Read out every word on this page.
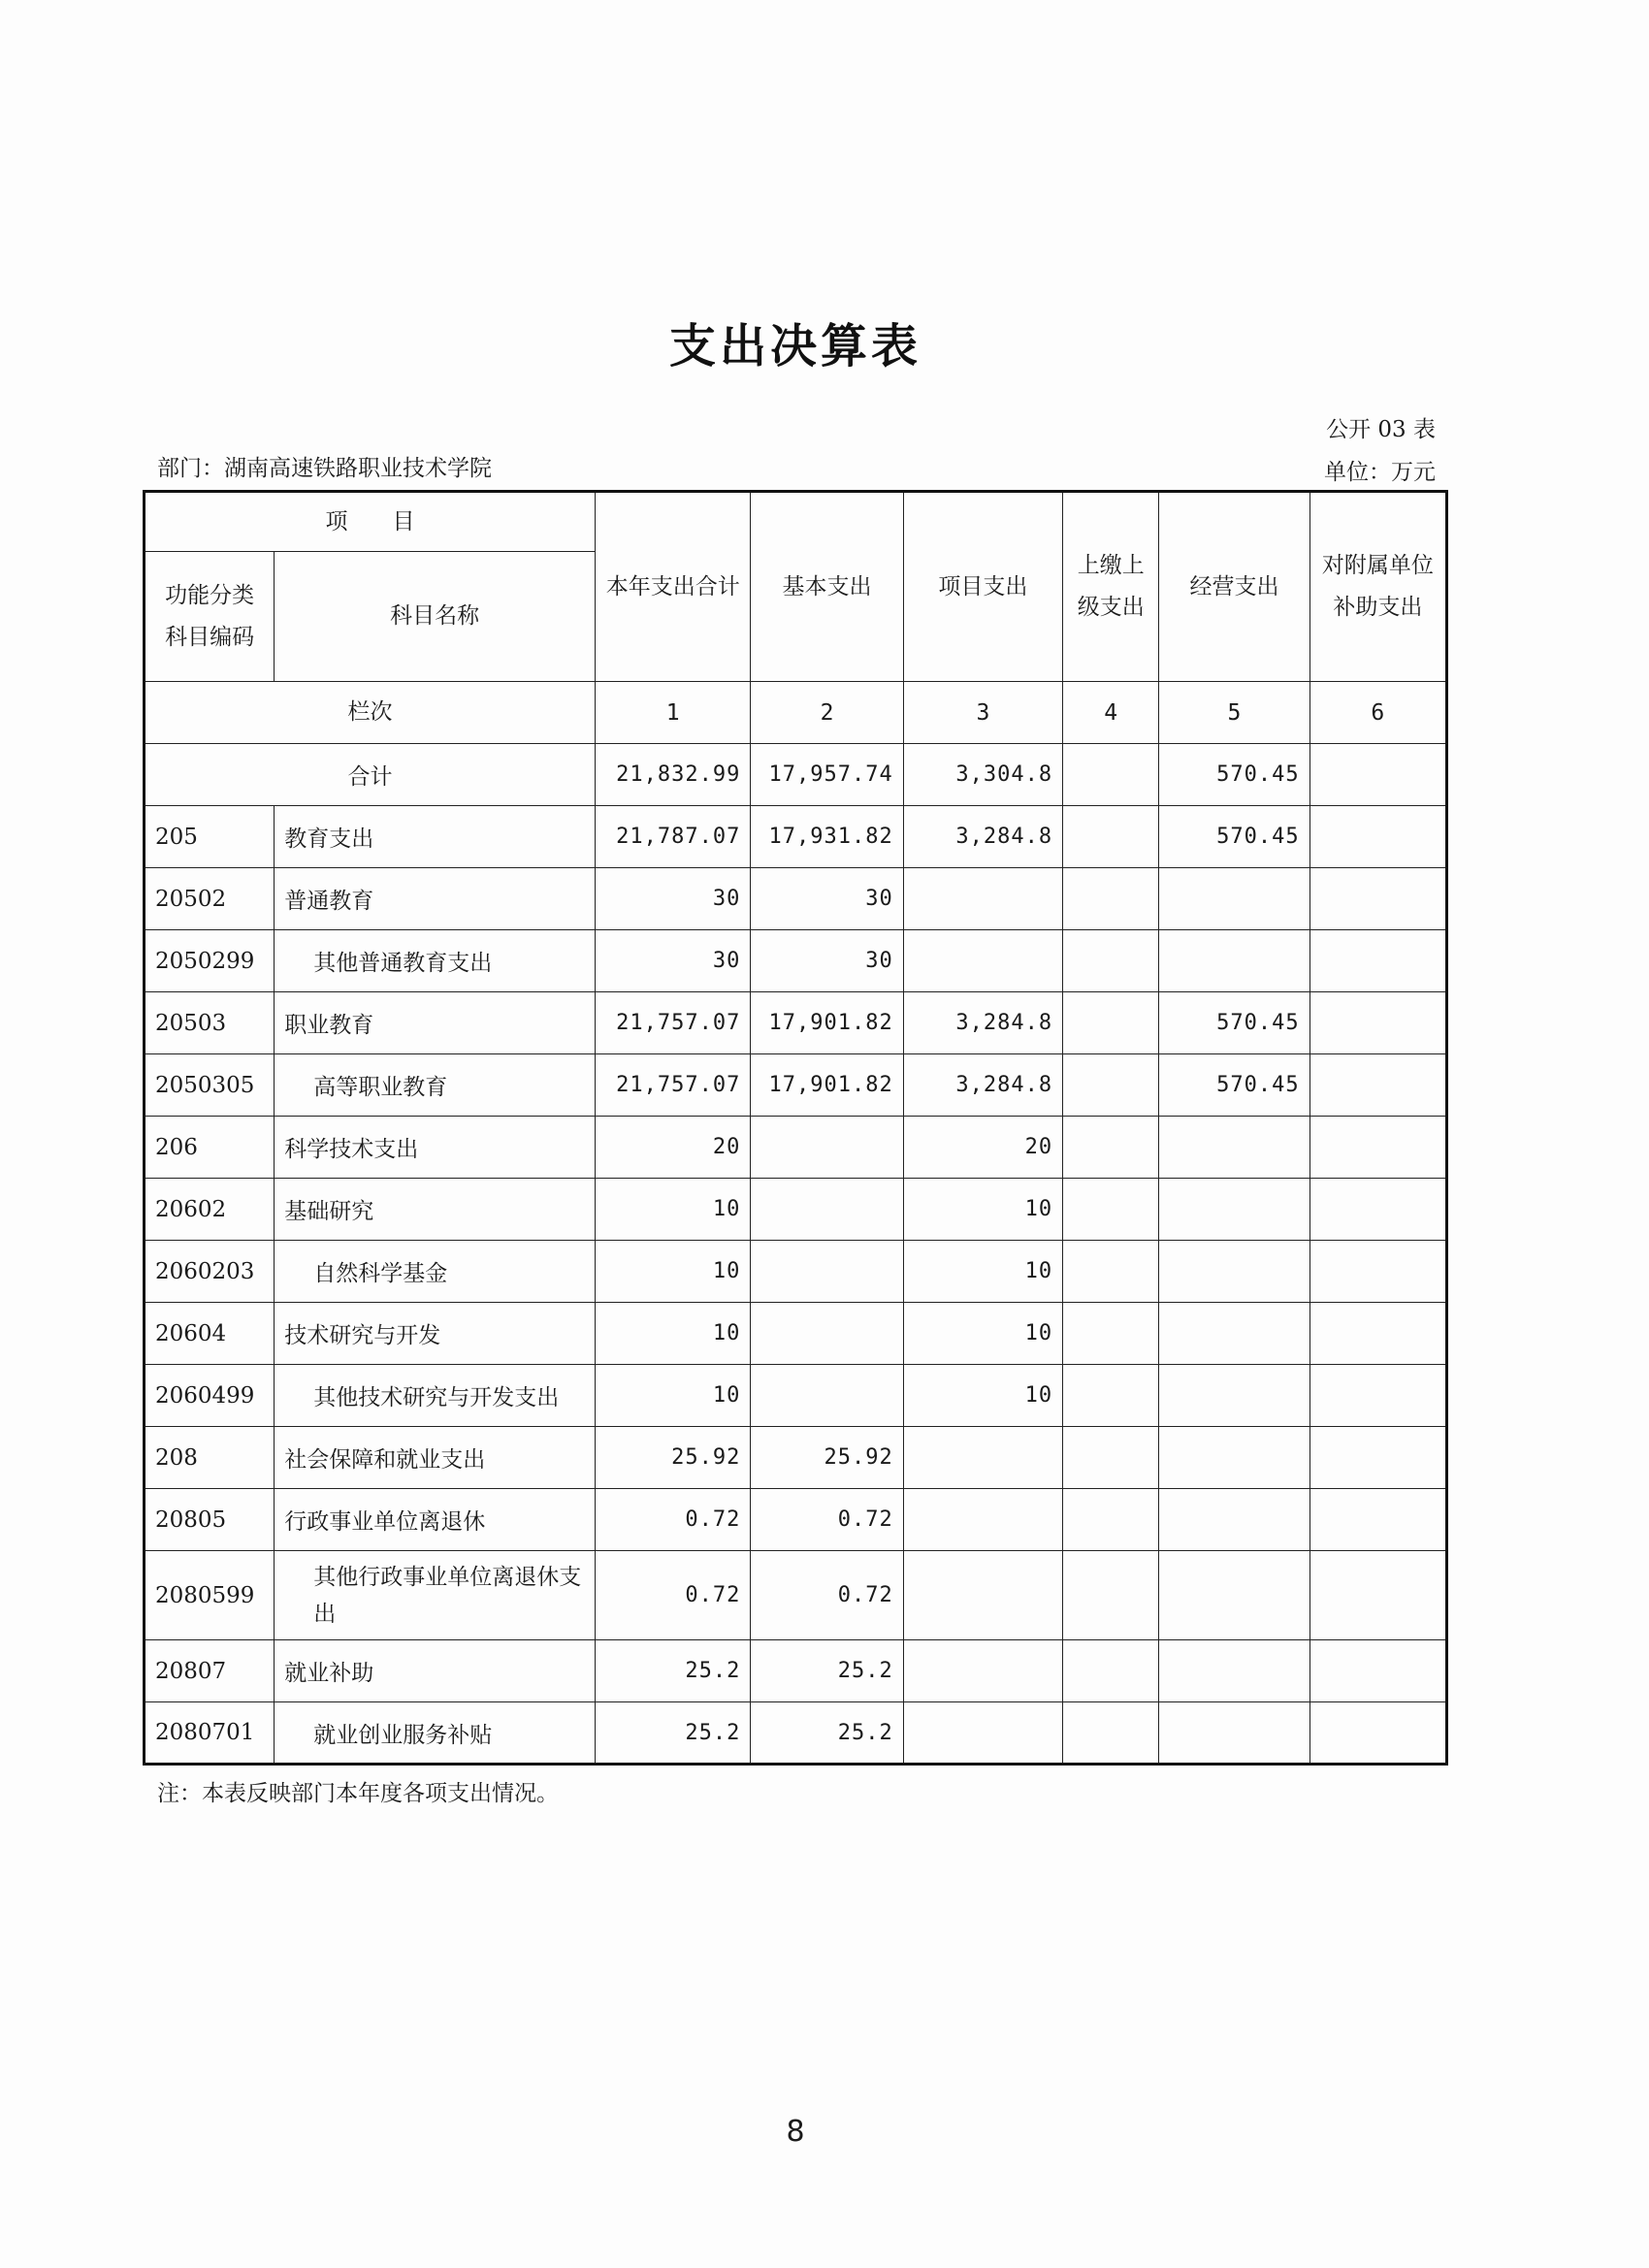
支出决算表
公开 03 表
部门：湖南高速铁路职业技术学院	单位：万元
项　　目		本年支出合计	基本支出	项目支出	上缴上级支出	经营支出	对附属单位补助支出
功能分类科目编码	科目名称						
栏次		1	2	3	4	5	6
合计		21,832.99	17,957.74	3,304.8		570.45	
205	教育支出	21,787.07	17,931.82	3,284.8		570.45	
20502	普通教育	30	30				
2050299	其他普通教育支出	30	30				
20503	职业教育	21,757.07	17,901.82	3,284.8		570.45	
2050305	高等职业教育	21,757.07	17,901.82	3,284.8		570.45	
206	科学技术支出	20		20			
20602	基础研究	10		10			
2060203	自然科学基金	10		10			
20604	技术研究与开发	10		10			
2060499	其他技术研究与开发支出	10		10			
208	社会保障和就业支出	25.92	25.92				
20805	行政事业单位离退休	0.72	0.72				
2080599	其他行政事业单位离退休支出	0.72	0.72				
20807	就业补助	25.2	25.2				
2080701	就业创业服务补贴	25.2	25.2				
注：本表反映部门本年度各项支出情况。
8
